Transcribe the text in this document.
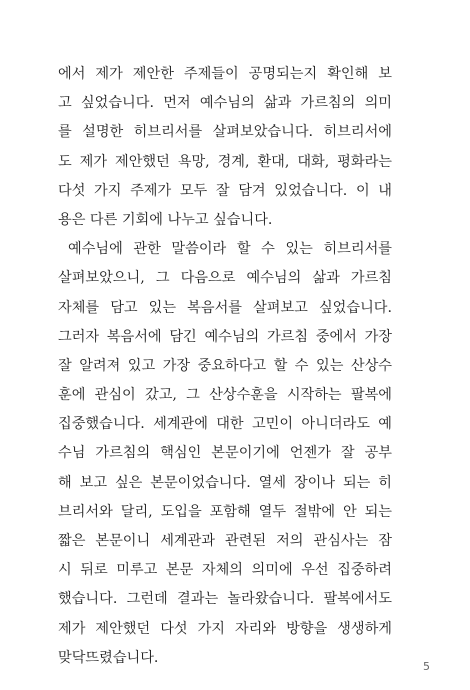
에서 제가 제안한 주제들이 공명되는지 확인해 보
고 싶었습니다. 먼저 예수님의 삶과 가르침의 의미
를 설명한 히브리서를 살펴보았습니다. 히브리서에
도 제가 제안했던 욕망, 경계, 환대, 대화, 평화라는
다섯 가지 주제가 모두 잘 담겨 있었습니다. 이 내
용은 다른 기회에 나누고 싶습니다.
예수님에 관한 말씀이라 할 수 있는 히브리서를
살펴보았으니, 그 다음으로 예수님의 삶과 가르침
자체를 담고 있는 복음서를 살펴보고 싶었습니다.
그러자 복음서에 담긴 예수님의 가르침 중에서 가장
잘 알려져 있고 가장 중요하다고 할 수 있는 산상수
훈에 관심이 갔고, 그 산상수훈을 시작하는 팔복에
집중했습니다. 세계관에 대한 고민이 아니더라도 예
수님 가르침의 핵심인 본문이기에 언젠가 잘 공부
해 보고 싶은 본문이었습니다. 열세 장이나 되는 히
브리서와 달리, 도입을 포함해 열두 절밖에 안 되는
짧은 본문이니 세계관과 관련된 저의 관심사는 잠
시 뒤로 미루고 본문 자체의 의미에 우선 집중하려
했습니다. 그런데 결과는 놀라왔습니다. 팔복에서도
제가 제안했던 다섯 가지 자리와 방향을 생생하게
맞닥뜨렸습니다.
5
